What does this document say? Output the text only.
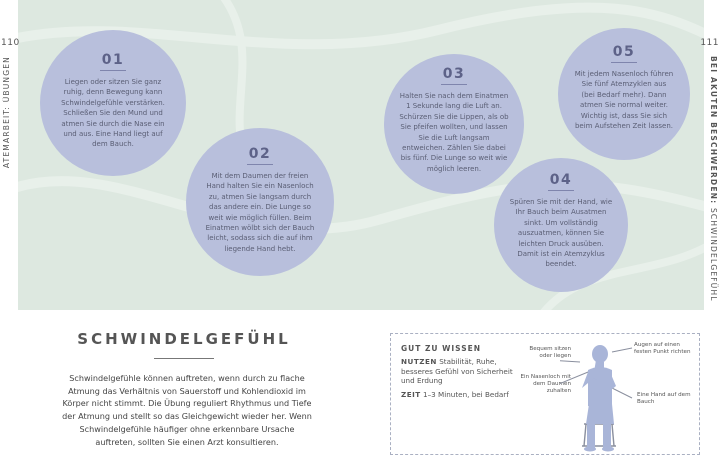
01
Liegen oder sitzen Sie ganz ruhig, denn Bewegung kann Schwindelgefühle verstärken. Schließen Sie den Mund und atmen Sie durch die Nase ein und aus. Eine Hand liegt auf dem Bauch.
02
Mit dem Daumen der freien Hand halten Sie ein Nasenloch zu, atmen Sie langsam durch das andere ein. Die Lunge so weit wie möglich füllen. Beim Einatmen wölbt sich der Bauch leicht, sodass sich die auf ihm liegende Hand hebt.
03
Halten Sie nach dem Einatmen 1 Sekunde lang die Luft an. Schürzen Sie die Lippen, als ob Sie pfeifen wollten, und lassen Sie die Luft langsam entweichen. Zählen Sie dabei bis fünf. Die Lunge so weit wie möglich leeren.
04
Spüren Sie mit der Hand, wie Ihr Bauch beim Ausatmen sinkt. Um vollständig auszuatmen, können Sie leichten Druck ausüben. Damit ist ein Atemzyklus beendet.
05
Mit jedem Nasenloch führen Sie fünf Atemzyklen aus (bei Bedarf mehr). Dann atmen Sie normal weiter. Wichtig ist, dass Sie sich beim Aufstehen Zeit lassen.
110	111
ATEMARBEIT: ÜBUNGEN	BEI AKUTEN BESCHWERDEN: SCHWINDELGEFÜHL
SCHWINDELGEFÜHL
Schwindelgefühle können auftreten, wenn durch zu flache Atmung das Verhältnis von Sauerstoff und Kohlendioxid im Körper nicht stimmt. Die Übung reguliert Rhythmus und Tiefe der Atmung und stellt so das Gleichgewicht wieder her. Wenn Schwindelgefühle häufiger ohne erkennbare Ursache auftreten, sollten Sie einen Arzt konsultieren.
GUT ZU WISSEN
NUTZEN Stabilität, Ruhe, besseres Gefühl von Sicherheit und Erdung
ZEIT 1–3 Minuten, bei Bedarf
Bequem sitzen oder liegen
Augen auf einen festen Punkt richten
Ein Nasenloch mit dem Daumen zuhalten
Eine Hand auf dem Bauch
